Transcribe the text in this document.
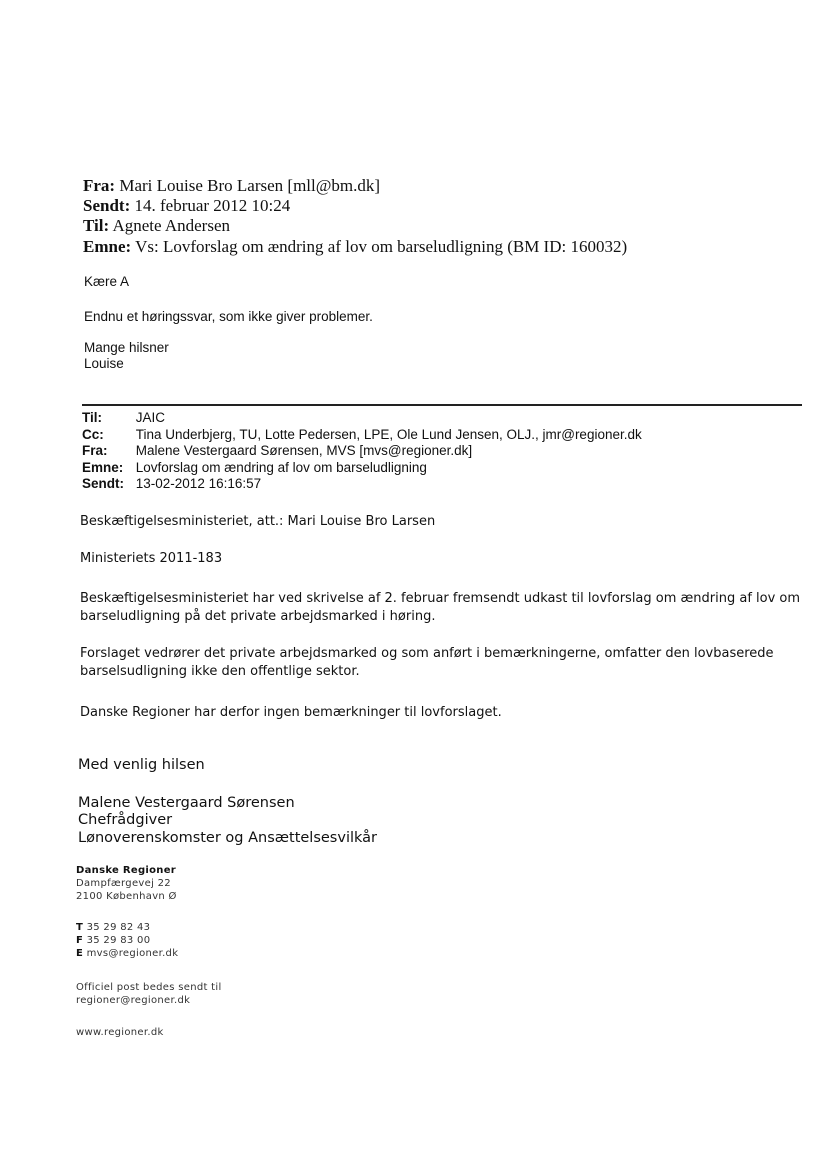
Fra: Mari Louise Bro Larsen [mll@bm.dk]
Sendt: 14. februar 2012 10:24
Til: Agnete Andersen
Emne: Vs: Lovforslag om ændring af lov om barseludligning (BM ID: 160032)
Kære A
Endnu et høringssvar, som ikke giver problemer.
Mange hilsner
Louise
Til:	JAIC
Cc: Tina Underbjerg, TU, Lotte Pedersen, LPE, Ole Lund Jensen, OLJ., jmr@regioner.dk
Fra: Malene Vestergaard Sørensen, MVS [mvs@regioner.dk]
Emne: Lovforslag om ændring af lov om barseludligning
Sendt: 13-02-2012 16:16:57
Beskæftigelsesministeriet, att.: Mari Louise Bro Larsen
Ministeriets 2011-183
Beskæftigelsesministeriet har ved skrivelse af 2. februar fremsendt udkast til lovforslag om ændring af lov om
barseludligning på det private arbejdsmarked i høring.
Forslaget vedrører det private arbejdsmarked og som anført i bemærkningerne, omfatter den lovbaserede
barselsudligning ikke den offentlige sektor.
Danske Regioner har derfor ingen bemærkninger til lovforslaget.
Med venlig hilsen
Malene Vestergaard Sørensen
Chefrådgiver
Lønoverenskomster og Ansættelsesvilkår
Danske Regioner
Dampfærgevej 22
2100 København Ø
T 35 29 82 43
F 35 29 83 00
E mvs@regioner.dk
Officiel post bedes sendt til
regioner@regioner.dk
www.regioner.dk
